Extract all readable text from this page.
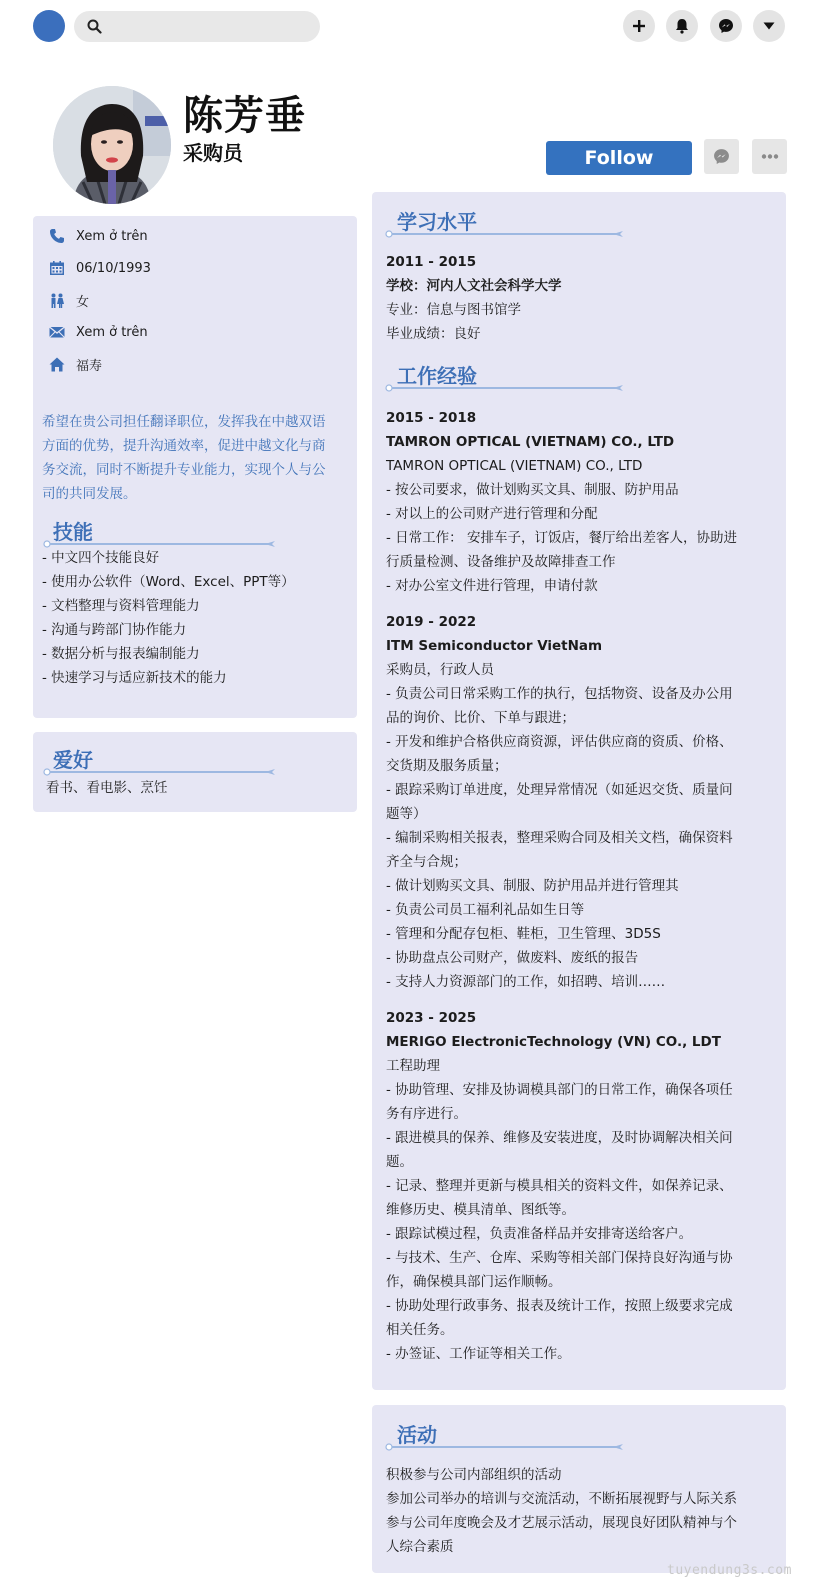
陈芳垂
采购员	Follow
Xem ở trên
06/10/1993
女
Xem ở trên
福寿
希望在贵公司担任翻译职位，发挥我在中越双语方面的优势，提升沟通效率，促进中越文化与商务交流，同时不断提升专业能力，实现个人与公司的共同发展。
技能
- 中文四个技能良好
- 使用办公软件（Word、Excel、PPT等）
- 文档整理与资料管理能力
- 沟通与跨部门协作能力
- 数据分析与报表编制能力
- 快速学习与适应新技术的能力
爱好
看书、看电影、烹饪
学习水平
2011 - 2015
学校：河内人文社会科学大学
专业：信息与图书馆学
毕业成绩：良好
工作经验
2015 - 2018
TAMRON OPTICAL (VIETNAM) CO., LTD
TAMRON OPTICAL (VIETNAM) CO., LTD
- 按公司要求，做计划购买文具、制服、防护用品
- 对以上的公司财产进行管理和分配
- 日常工作： 安排车子，订饭店，餐厅给出差客人，协助进
行质量检测、设备维护及故障排查工作
- 对办公室文件进行管理，申请付款
2019 - 2022
ITM Semiconductor VietNam
采购员，行政人员
- 负责公司日常采购工作的执行，包括物资、设备及办公用
品的询价、比价、下单与跟进；
- 开发和维护合格供应商资源，评估供应商的资质、价格、
交货期及服务质量；
- 跟踪采购订单进度，处理异常情况（如延迟交货、质量问
题等）
- 编制采购相关报表，整理采购合同及相关文档，确保资料
齐全与合规；
- 做计划购买文具、制服、防护用品并进行管理其
- 负责公司员工福利礼品如生日等
- 管理和分配存包柜、鞋柜，卫生管理、3D5S
- 协助盘点公司财产，做废料、废纸的报告
- 支持人力资源部门的工作，如招聘、培训……
2023 - 2025
MERIGO ElectronicTechnology (VN) CO., LDT
工程助理
- 协助管理、安排及协调模具部门的日常工作，确保各项任
务有序进行。
- 跟进模具的保养、维修及安装进度，及时协调解决相关问
题。
- 记录、整理并更新与模具相关的资料文件，如保养记录、
维修历史、模具清单、图纸等。
- 跟踪试模过程，负责准备样品并安排寄送给客户。
- 与技术、生产、仓库、采购等相关部门保持良好沟通与协
作，确保模具部门运作顺畅。
- 协助处理行政事务、报表及统计工作，按照上级要求完成
相关任务。
- 办签证、工作证等相关工作。
活动
积极参与公司内部组织的活动
参加公司举办的培训与交流活动，不断拓展视野与人际关系
参与公司年度晚会及才艺展示活动，展现良好团队精神与个
人综合素质
tuyendung3s.com
